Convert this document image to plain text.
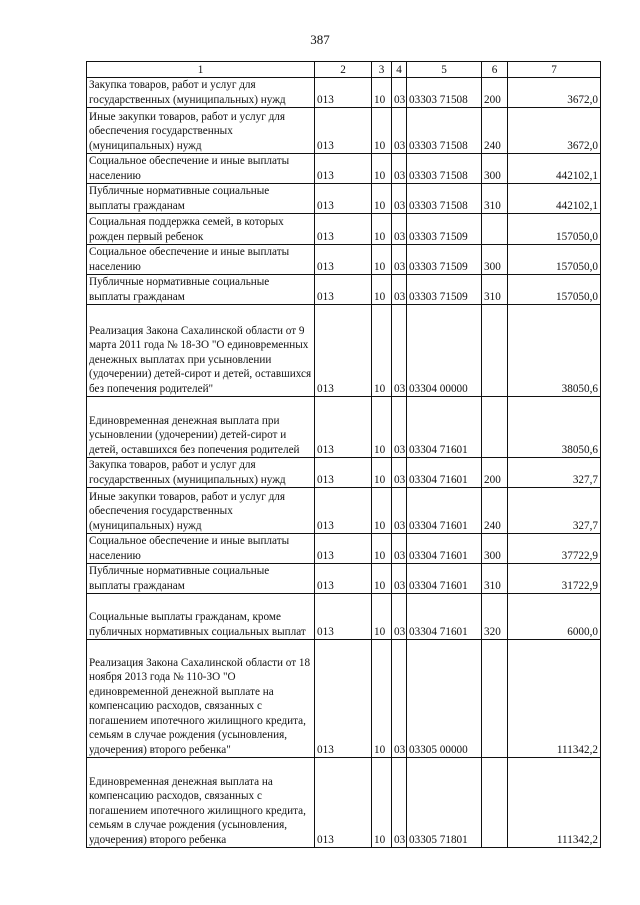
387
1	2	3	4	5	6	7
Закупка товаров, работ и услуг для государственных (муниципальных) нужд	013	10	03	03303 71508	200	3672,0
Иные закупки товаров, работ и услуг для обеспечения государственных (муниципальных) нужд	013	10	03	03303 71508	240	3672,0
Социальное обеспечение и иные выплаты населению	013	10	03	03303 71508	300	442102,1
Публичные нормативные социальные выплаты гражданам	013	10	03	03303 71508	310	442102,1
Социальная поддержка семей, в которых рожден первый ребенок	013	10	03	03303 71509		157050,0
Социальное обеспечение и иные выплаты населению	013	10	03	03303 71509	300	157050,0
Публичные нормативные социальные выплаты гражданам	013	10	03	03303 71509	310	157050,0
Реализация Закона Сахалинской области от 9 марта 2011 года № 18-ЗО "О единовременных денежных выплатах при усыновлении (удочерении) детей-сирот и детей, оставшихся без попечения родителей"	013	10	03	03304 00000		38050,6
Единовременная денежная выплата при усыновлении (удочерении) детей-сирот и детей, оставшихся без попечения родителей	013	10	03	03304 71601		38050,6
Закупка товаров, работ и услуг для государственных (муниципальных) нужд	013	10	03	03304 71601	200	327,7
Иные закупки товаров, работ и услуг для обеспечения государственных (муниципальных) нужд	013	10	03	03304 71601	240	327,7
Социальное обеспечение и иные выплаты населению	013	10	03	03304 71601	300	37722,9
Публичные нормативные социальные выплаты гражданам	013	10	03	03304 71601	310	31722,9
Социальные выплаты гражданам, кроме публичных нормативных социальных выплат	013	10	03	03304 71601	320	6000,0
Реализация Закона Сахалинской области от 18 ноября 2013 года № 110-ЗО "О единовременной денежной выплате на компенсацию расходов, связанных с погашением ипотечного жилищного кредита, семьям в случае рождения (усыновления, удочерения) второго ребенка"	013	10	03	03305 00000		111342,2
Единовременная денежная выплата на компенсацию расходов, связанных с погашением ипотечного жилищного кредита, семьям в случае рождения (усыновления, удочерения) второго ребенка	013	10	03	03305 71801		111342,2
